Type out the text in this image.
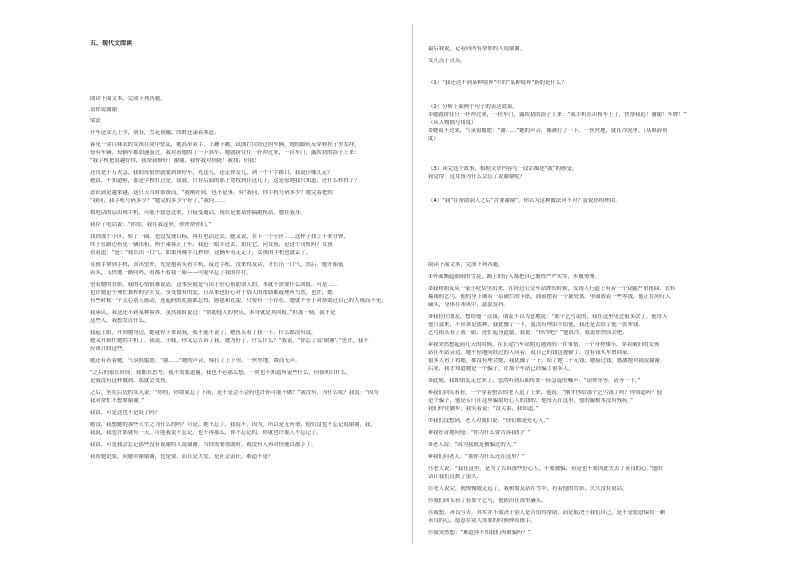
五、现代文阅读
阅读下面文本，完成下列各题。
请你说谢谢
梁法
开车送女儿上学，初春，雪花初融，四野还漾着寒意。
暮见一穿白袜衣的女孩在同中驻乩，她高举双手，上蹿下跳，试图拦住经过的车辆。她的脚旺反穿鞋挂子里发冲，
每有车辆，每辆车都加速而过。我对看她的了一下斜车，她就拼住住一扑冲过来，一拉车门，露坎初的浴子上来：
“我手机把说趣好得，我帮我修好！谢谢，我你我对到能！我找，但我！
还真是十万火急，我的母很快就要到该停车，先送儿，送走你女儿，到一个十字路口，我说往哪儿走？
她说，不知道啦，那是学校打过是，我就，只有后面的那上宽找到往这儿了，这是原地我只知道，还什么样得了？
意识到是越来越，这只天当时很费而，“我刚好到，也不是事，有“我问，你手机号码多少？她完着把的
“我问，我手机号码多少？”她完的多少个好了，”我问……
拨电话的层出现手机，可能不愿意过来，只接受通话，现在是要请你搞跑机站，她在我身。
我存了电话说：“你得，我在我这里，你快帮你们，”
找到那个小区，转了一圈，也没发现目标，再打电话过去，她又说，在下一个小区……这样子找了十来分钟，
终于在路边看见一辆出租，两个乘客正上车，我赶一眼开过去，拍住它，问女孩，是这个司机吗？女孩
看着道：“是！”我长出一口气，如果再晚半几秒钟，这辆车有走走了，女孩的手机也就丢了。
女孩手拿到手机，喜出望外，先是抱着头看手机，接过手机，没来得及话，才长出一口气，然后，她开始低
着头，飞快地一路问吗，看都不看我一眼——可能早忘了我的存在。
望着她的背影，我的心情很难说清，这本应就是与出于好心帮助别人的，本就不需要什么回报，可是……
也许她是个匆忙兼程的学生女，享受惯有的爱，且从来也好心对于别人的帮助都或理所当然。也许，她
有些时候一个关心别人感动，连起码的礼貌都忘得，感恩和礼貌，只要有一个存在，她就不至于对帮助过自己的人视而不见。
我承认，我送还不到某种境界，虽然我时说过：“帮助他人的快乐，本身就是其回报。”但那一刻，我不是
这些人，我想发点什么。
我起上眼，开到她身边，她就停下来说我，我不能不说了，她扭头看了我一下，什么都没有说，
她又开始忙她的手机了。我说，小妹，你又忘告诉了我，她为好了，什么什么？”我说，“你忘了说‘谢谢’。”也许，我不
应该计较这些。
她还有看着她，气氛很尴尬：“谢……”她的声音，像打了上下里，一丝丝地，缓而无声。
“之后的很长时间，我都在思考，我不需要道谢，我也不必那么想，一时也不知道所说些什么，但我明白什么，
是我没有这样做到，那就会受伤。
之后，坐在后边的女儿说：“你的，你如果忘了下雨，是不是会不会吗也许你可能不做？”我没有，为什么呢？我说：“因为
我对帮忙不想要谢谢。”
我说，可是这也不是说了吗？
她没，我想她的那些人生之为什么的吗？可是，她不忘了，我说不，因为，所以是无所谓，他们没也不忘记说谢谢，我，
我说，我也许那就有一天，可能我说不忘记，也不再那么，你不忘记的，你就也许那人不忘记了。
我说，可是我会忘记那些没有说谢的人说谢谢，当你需要帮助时，就没有人再对你施以援手了。
我帮她是要，问她对谢谢谢，也是要，而且是大爱，是社会责任，难道不是？
最后我说，记着向所有帮你的人说谢谢。
女儿点了点头。
（1）“我还达不到某种境界”中的“某种境界”指的是什么？
（2）分析下面两个句子的表达效果。
①她就拼住只一扑冲过来，一拉车门，露坎初的浴子上来：“我手机在出租车上了，快帮我追！谢谢！车牌！”
（从人物描写角度）
②她说不过来，气氛很尴尬：“谢……”她的声音，像被打了一下，一丝丝地，就在冷泥里。（从修辞角
度）
（3）读完这个故事，根据文章内容写一段话描述“我”的感受。
我觉得：这女孩为什么会忘了说谢谢呢？
（4）“我”在帮助别人之后“讨要谢谢”，你认为这种做法对不对？说说你的理由。
阅读下面文本，完成下列各题。
①外面飘起细雨的雪花，路上的行人都把自己裹得严严实实，步履匆匆。
②我和朋友从一家小吃店里出来，在经过公交车站牌的时候，发现人行道上有着一个双腿严重扭曲、衣衫
褴褛的乞丐，他的身下铺着一层破烂的卡纸，面前摆着一个搪瓷盆，里面放着一些零钱，他正在向行人
磕头，身体在寒风中，瑟瑟发抖。
③我拉住朋友，想给他一点钱，朋友不以为意地说：“那个乞丐说的，我在这里见过很多次了，他每天
他只说来，不应该是那种，我犹豫了一下，我没有理由不给他，我还是去给了他一张零钱。
乞丐抬头看了我一眼，连忙起身道谢，我说：“你冷吧？”他说冷，我说你快回去吧。
④我突然想起前几天的时候，在长途汽车站附近遇到的一件事情，一个身材矮小、穿着破旧的女孩
站在车站旁边，她不停地向经过的人问着，说自己的钱包被偷了，没有钱买车票回家。
很多人看了看她，都没有理会她，我犹豫了一下，给了她二十元钱，她接过钱，感激地对我说谢谢。
后来，我才知道她是一个骗子，在那个车站已经骗了很多人。
⑤此刻，我却朋友走过来了，忽然听到后面传来一阵急促的喊声：“请你等等，请等一下。”
⑥我们回头看看，一个穿着整洁的老人追了上来，他说：“刚才你给那个乞丐钱了吗？你知道吗？他
是个骗子，他是专门在这里骗取好心人的钱的，他每天在这里，他的腿根本没有残疾。”
我们停住脚步，我笑着说：“没关系，我知道。”
⑦我们没想到，老人对我们说：“你们都是好心人。”
⑧我好奇地问他：“你为什么要告诉我们？”
⑨老人说：“因为我就是被骗过的人。”
⑩我们问老人：“那你为什么还在这里？”
⑪老人说：“我在这里，是为了告诉那些好心人，不要被骗，但是也不要因此失去了善良的心。”他的
话让我们沉默了很久。
⑫老人说完，就慢慢地走远了，我和朋友站在雪中，看着他的背影，久久没有说话。
⑬我们回头看了看那个乞丐，他依旧在那里磕头。
⑭我想，善良与否，其实并不取决于别人是否值得帮助，而是取决于我们自己，是不是愿意保持一颗
善良的心，愿意在别人需要的时候伸出援手。
⑮我突然想：“难道你不怕我们再被骗吗？”
